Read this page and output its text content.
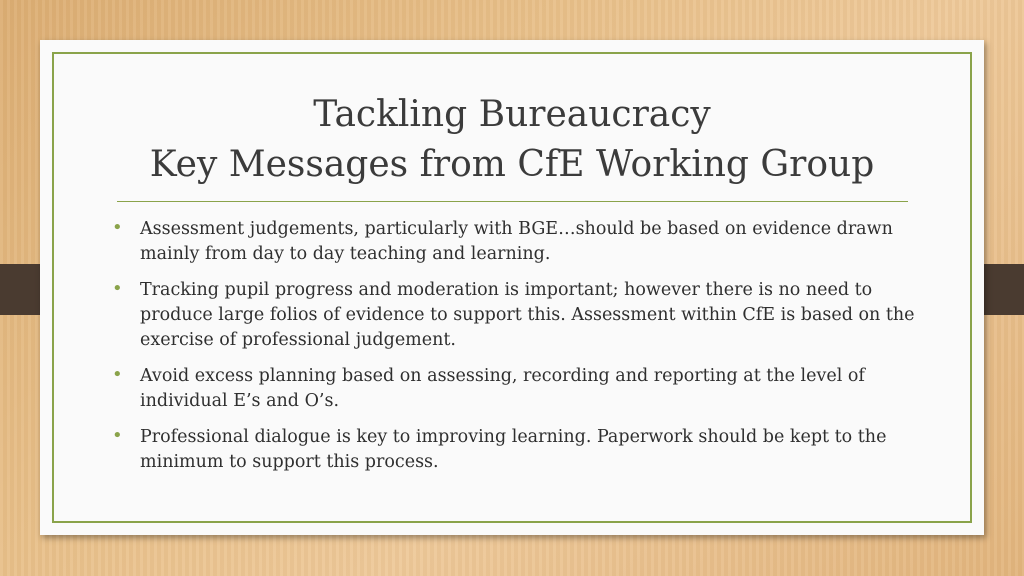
Tackling Bureaucracy
Key Messages from CfE Working Group
• Assessment judgements, particularly with BGE…should be based on evidence drawn mainly from day to day teaching and learning.
• Tracking pupil progress and moderation is important; however there is no need to produce large folios of evidence to support this. Assessment within CfE is based on the exercise of professional judgement.
• Avoid excess planning based on assessing, recording and reporting at the level of individual E’s and O’s.
• Professional dialogue is key to improving learning. Paperwork should be kept to the minimum to support this process.
